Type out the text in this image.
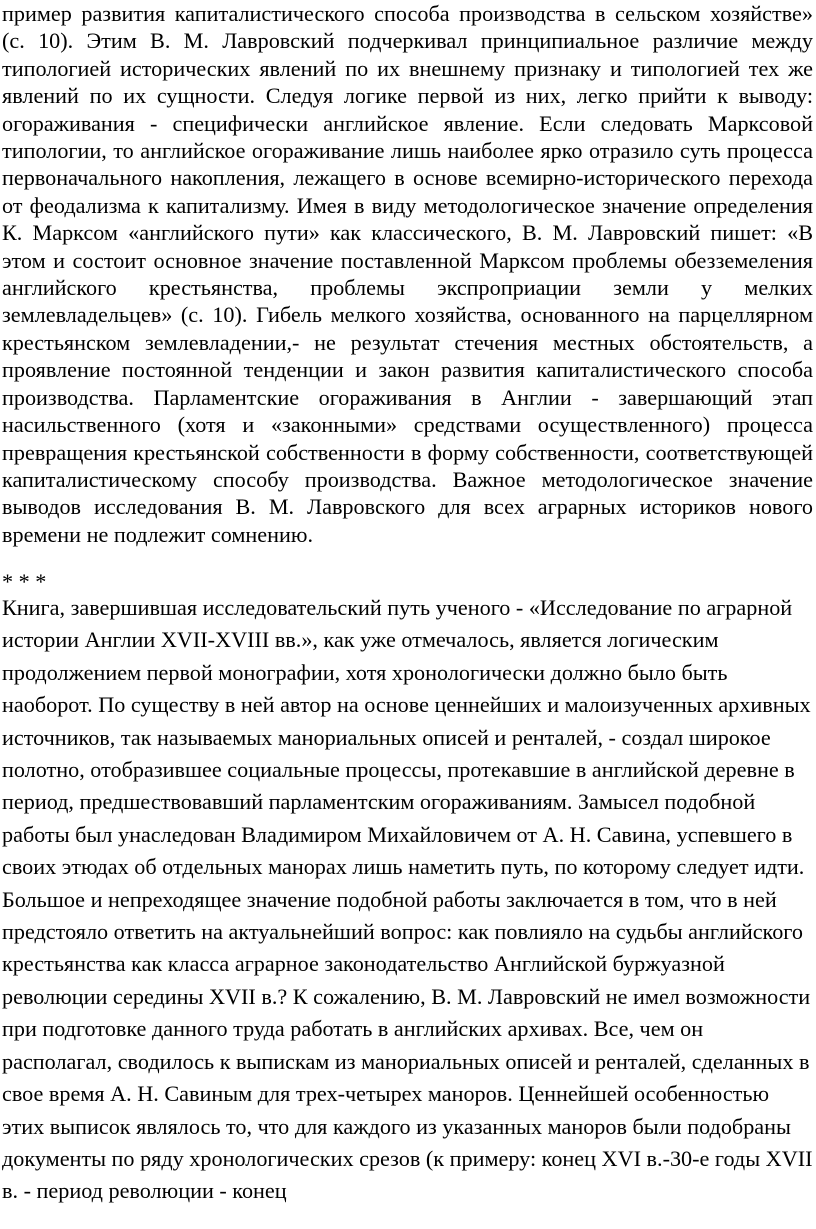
пример развития капиталистического способа производства в сельском хозяйстве» (с. 10). Этим В. М. Лавровский подчеркивал принципиальное различие между типологией исторических явлений по их внешнему признаку и типологией тех же явлений по их сущности. Следуя логике первой из них, легко прийти к выводу: огораживания - специфически английское явление. Если следовать Марксовой типологии, то английское огораживание лишь наиболее ярко отразило суть процесса первоначального накопления, лежащего в основе всемирно-исторического перехода от феодализма к капитализму. Имея в виду методологическое значение определения К. Марксом «английского пути» как классического, В. М. Лавровский пишет: «В этом и состоит основное значение поставленной Марксом проблемы обезземеления английского крестьянства, проблемы экспроприации земли у мелких землевладельцев» (с. 10). Гибель мелкого хозяйства, основанного на парцеллярном крестьянском землевладении,- не результат стечения местных обстоятельств, а проявление постоянной тенденции и закон развития капиталистического способа производства. Парламентские огораживания в Англии - завершающий этап насильственного (хотя и «законными» средствами осуществленного) процесса превращения крестьянской собственности в форму собственности, соответствующей капиталистическому способу производства. Важное методологическое значение выводов исследования В. М. Лавровского для всех аграрных историков нового времени не подлежит сомнению.

* * *

Книга, завершившая исследовательский путь ученого - «Исследование по аграрной истории Англии XVII-XVIII вв.», как уже отмечалось, является логическим продолжением первой монографии, хотя хронологически должно было быть наоборот. По существу в ней автор на основе ценнейших и малоизученных архивных источников, так называемых манориальных описей и ренталей, - создал широкое полотно, отобразившее социальные процессы, протекавшие в английской деревне в период, предшествовавший парламентским огораживаниям. Замысел подобной работы был унаследован Владимиром Михайловичем от А. Н. Савина, успевшего в своих этюдах об отдельных манорах лишь наметить путь, по которому следует идти. Большое и непреходящее значение подобной работы заключается в том, что в ней предстояло ответить на актуальнейший вопрос: как повлияло на судьбы английского крестьянства как класса аграрное законодательство Английской буржуазной революции середины XVII в.? К сожалению, В. М. Лавровский не имел возможности при подготовке данного труда работать в английских архивах. Все, чем он располагал, сводилось к выпискам из манориальных описей и ренталей, сделанных в свое время А. Н. Савиным для трех-четырех маноров. Ценнейшей особенностью этих выписок являлось то, что для каждого из указанных маноров были подобраны документы по ряду хронологических срезов (к примеру: конец XVI в.-30-е годы XVII в. - период революции - конец
